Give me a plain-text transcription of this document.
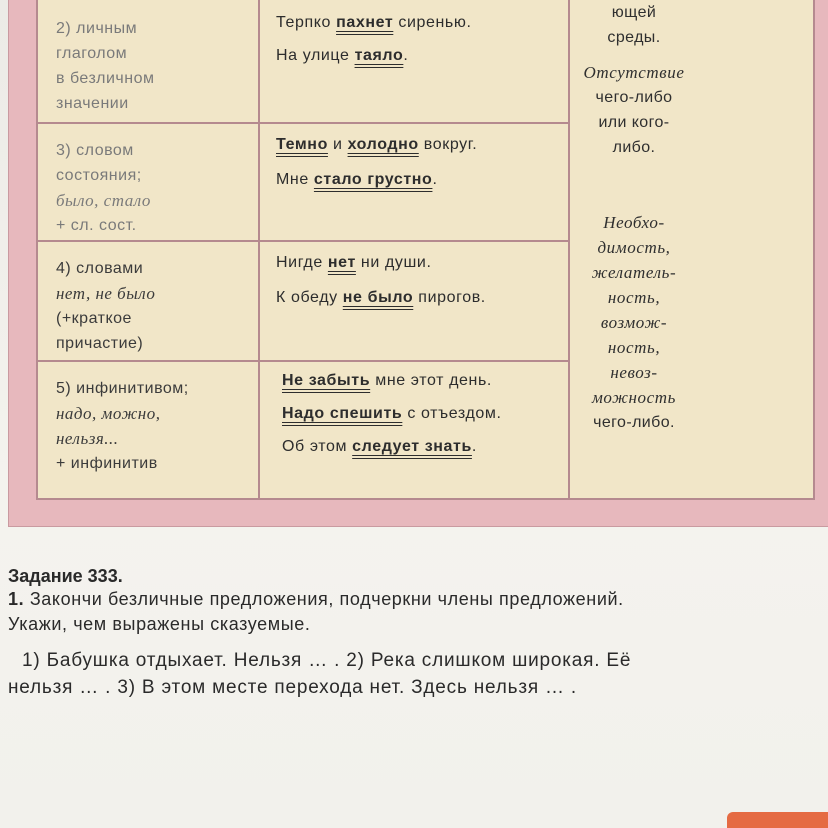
2) личным
глаголом
в безличном
значении
Терпко пахнет сиренью.
На улице таяло.
3) словом
состояния;
было, стало
+ сл. сост.
Темно и холодно вокруг.
Мне стало грустно.
4) словами
нет, не было
(+краткое
причастие)
Нигде нет ни души.
К обеду не было пирогов.
5) инфинитивом;
надо, можно,
нельзя...
+ инфинитив
Не забыть мне этот день.
Надо спешить с отъездом.
Об этом следует знать.
ющей
среды.
Отсутствие
чего-либо
или кого-
либо.
Необхо-
димость,
желатель-
ность,
возмож-
ность,
невоз-
можность
чего-либо.
Задание 333.
1. Закончи безличные предложения, подчеркни члены предложений.
Укажи, чем выражены сказуемые.
1) Бабушка отдыхает. Нельзя … . 2) Река слишком широкая. Её
нельзя … . 3) В этом месте перехода нет. Здесь нельзя … .
